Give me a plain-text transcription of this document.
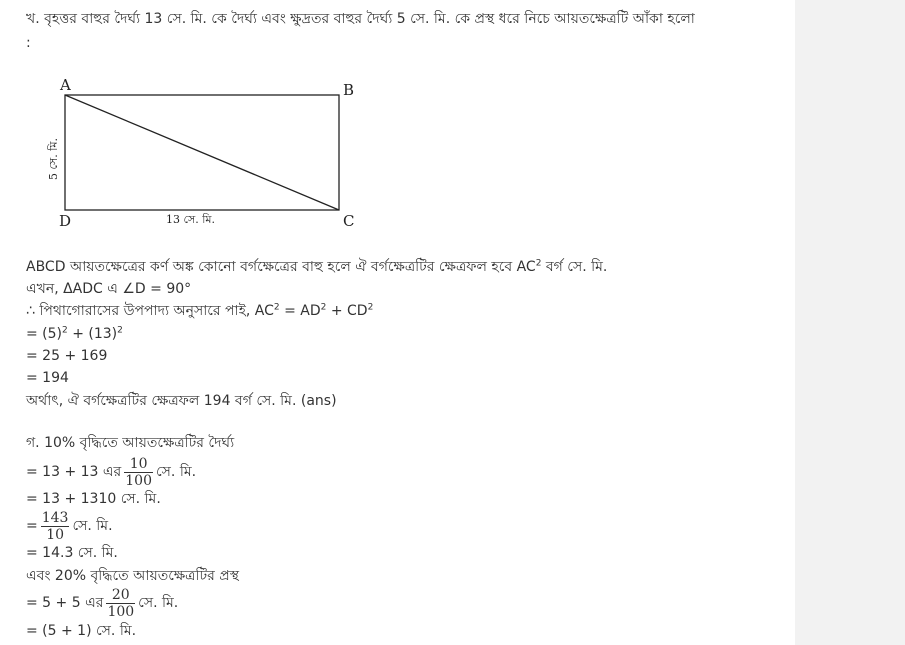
খ. বৃহত্তর বাহুর দৈর্ঘ্য 13 সে. মি. কে দৈর্ঘ্য এবং ক্ষুদ্রতর বাহুর দৈর্ঘ্য 5 সে. মি. কে প্রস্থ ধরে নিচে আয়তক্ষেত্রটি আঁকা হলো
:
A	B
C
D	13 সে. মি.
5 সে. মি.
ABCD আয়তক্ষেত্রের কর্ণ অঙ্ক কোনো বর্গক্ষেত্রের বাহু হলে ঐ বর্গক্ষেত্রটির ক্ষেত্রফল হবে $AC^2$ বর্গ সে. মি.
এখন, ΔADC এ ∠D = 90°
∴ পিথাগোরাসের উপপাদ্য অনুসারে পাই, $AC^2 = AD^2 + CD^2$
= $(5)^2 + (13)^2$
= 25 + 169
= 194
অর্থাৎ, ঐ বর্গক্ষেত্রটির ক্ষেত্রফল 194 বর্গ সে. মি. (ans)
গ. 10% বৃদ্ধিতে আয়তক্ষেত্রটির দৈর্ঘ্য
= 13 + 13 এর $\frac{10}{100}$ সে. মি.
= 13 + 1310 সে. মি.
= $\frac{143}{10}$ সে. মি.
= 14.3 সে. মি.
এবং 20% বৃদ্ধিতে আয়তক্ষেত্রটির প্রস্থ
= 5 + 5 এর $\frac{20}{100}$ সে. মি.
= (5 + 1) সে. মি.
